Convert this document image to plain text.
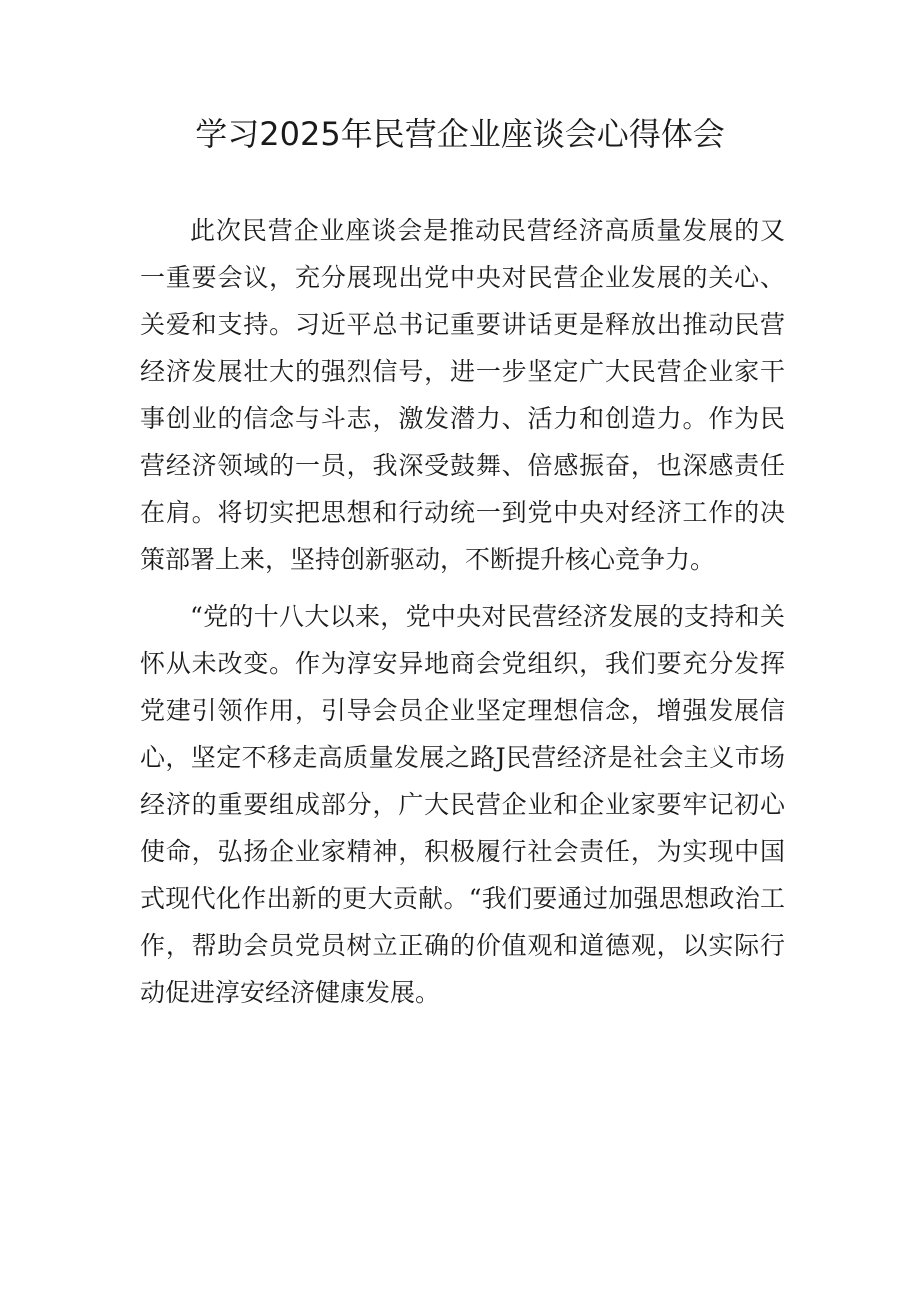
学习2025年民营企业座谈会心得体会

此次民营企业座谈会是推动民营经济高质量发展的又一重要会议，充分展现出党中央对民营企业发展的关心、关爱和支持。习近平总书记重要讲话更是释放出推动民营经济发展壮大的强烈信号，进一步坚定广大民营企业家干事创业的信念与斗志，激发潜力、活力和创造力。作为民营经济领域的一员，我深受鼓舞、倍感振奋，也深感责任在肩。将切实把思想和行动统一到党中央对经济工作的决策部署上来，坚持创新驱动，不断提升核心竞争力。

“党的十八大以来，党中央对民营经济发展的支持和关怀从未改变。作为淳安异地商会党组织，我们要充分发挥党建引领作用，引导会员企业坚定理想信念，增强发展信心，坚定不移走高质量发展之路J民营经济是社会主义市场经济的重要组成部分，广大民营企业和企业家要牢记初心使命，弘扬企业家精神，积极履行社会责任，为实现中国式现代化作出新的更大贡献。“我们要通过加强思想政治工作，帮助会员党员树立正确的价值观和道德观，以实际行动促进淳安经济健康发展。
